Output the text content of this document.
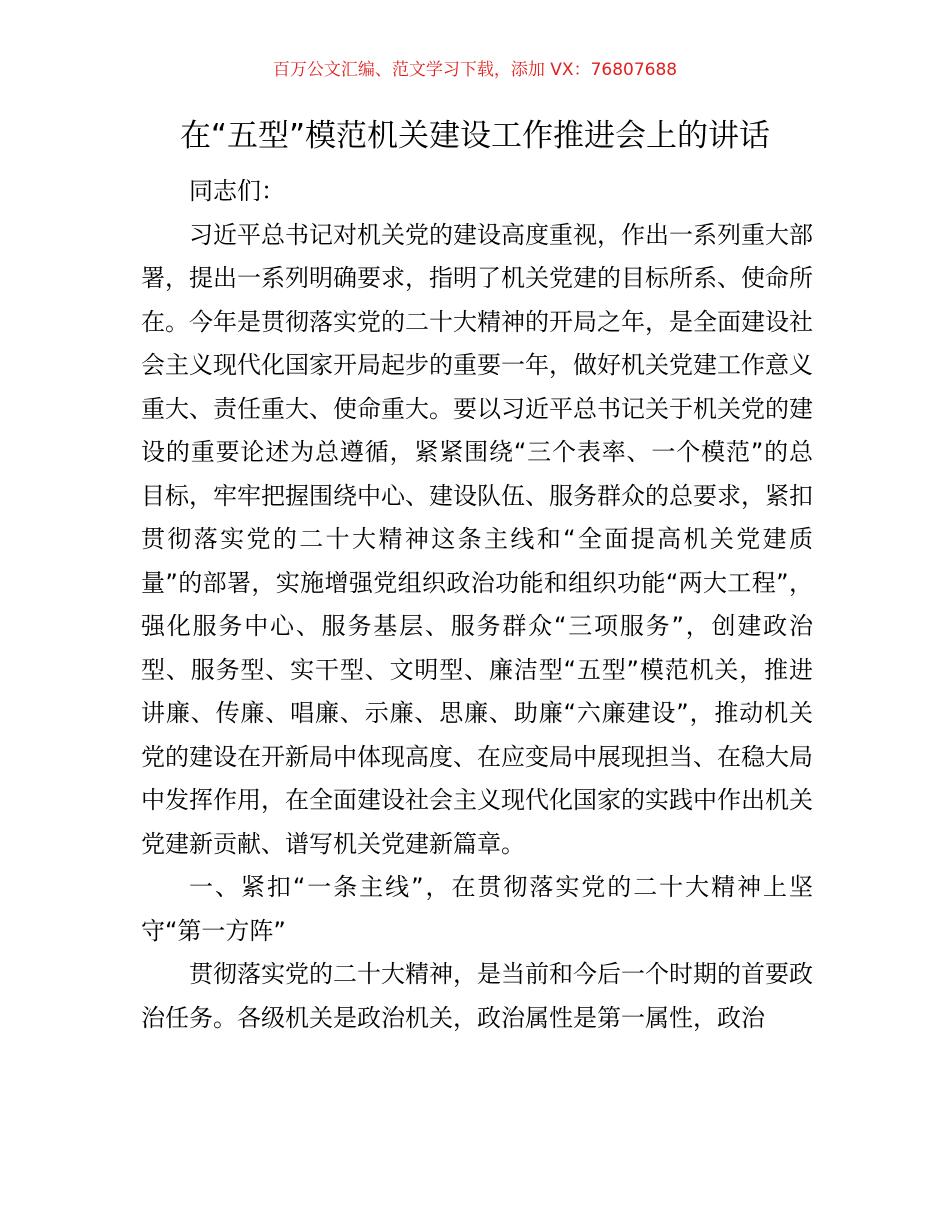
百万公文汇编、范文学习下载，添加 VX：76807688
在“五型”模范机关建设工作推进会上的讲话

同志们：

习近平总书记对机关党的建设高度重视，作出一系列重大部署，提出一系列明确要求，指明了机关党建的目标所系、使命所在。今年是贯彻落实党的二十大精神的开局之年，是全面建设社会主义现代化国家开局起步的重要一年，做好机关党建工作意义重大、责任重大、使命重大。要以习近平总书记关于机关党的建设的重要论述为总遵循，紧紧围绕“三个表率、一个模范”的总目标，牢牢把握围绕中心、建设队伍、服务群众的总要求，紧扣贯彻落实党的二十大精神这条主线和“全面提高机关党建质量”的部署，实施增强党组织政治功能和组织功能“两大工程”，强化服务中心、服务基层、服务群众“三项服务”，创建政治型、服务型、实干型、文明型、廉洁型“五型”模范机关，推进讲廉、传廉、唱廉、示廉、思廉、助廉“六廉建设”，推动机关党的建设在开新局中体现高度、在应变局中展现担当、在稳大局中发挥作用，在全面建设社会主义现代化国家的实践中作出机关党建新贡献、谱写机关党建新篇章。

一、紧扣“一条主线”，在贯彻落实党的二十大精神上坚守“第一方阵”

贯彻落实党的二十大精神，是当前和今后一个时期的首要政治任务。各级机关是政治机关，政治属性是第一属性，政治
